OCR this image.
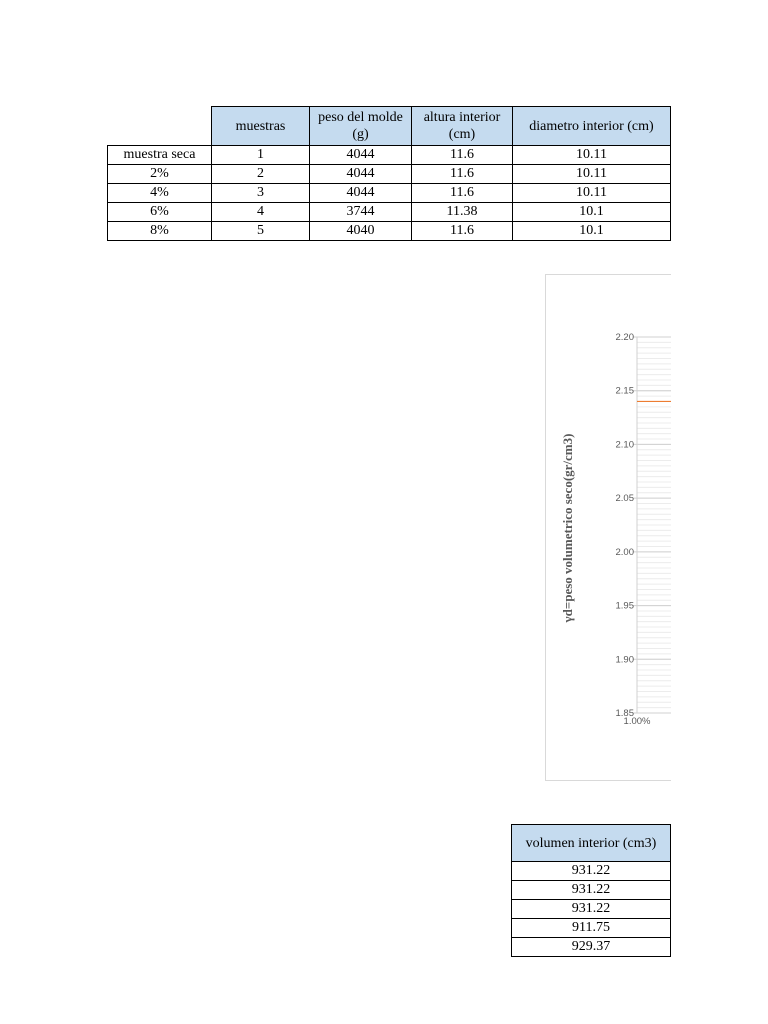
	muestras	peso del molde (g)	altura interior (cm)	diametro interior (cm)
muestra seca	1	4044	11.6	10.11
2%	2	4044	11.6	10.11
4%	3	4044	11.6	10.11
6%	4	3744	11.38	10.1
8%	5	4040	11.6	10.1
2.20
2.15
2.10
2.05
2.00
1.95
1.90
1.85
1.00%
γd=peso volumetrico seco(gr/cm3)
volumen interior (cm3)
931.22
931.22
931.22
911.75
929.37
